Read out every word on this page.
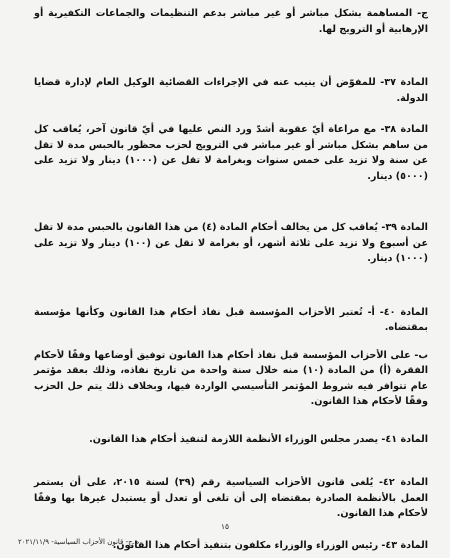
ج- المساهمة بشكل مباشر أو غير مباشر بدعم التنظيمات والجماعات التكفيرية أو الإرهابية أو الترويج لها.

المادة ٣٧- للمفوّض أن ينيب عنه في الإجراءات القضائية الوكيل العام لإدارة قضايا الدولة.

المادة ٣٨- مع مراعاة أيّ عقوبة أشدّ ورد النص عليها في أيّ قانون آخر، يُعاقب كل من ساهم بشكل مباشر أو غير مباشر في الترويج لحزب محظور بالحبس مدة لا تقل عن سنة ولا تزيد على خمس سنوات وبغرامة لا تقل عن (١٠٠٠) دينار ولا تزيد على (٥٠٠٠) دينار.

المادة ٣٩- يُعاقب كل من يخالف أحكام المادة (٤) من هذا القانون بالحبس مدة لا تقل عن أسبوع ولا تزيد على ثلاثة أشهر، أو بغرامة لا تقل عن (١٠٠) دينار ولا تزيد على (١٠٠٠) دينار.

المادة ٤٠- أ- تُعتبر الأحزاب المؤسسة قبل نفاذ أحكام هذا القانون وكأنها مؤسسة بمقتضاه.

ب- على الأحزاب المؤسسة قبل نفاذ أحكام هذا القانون توفيق أوضاعها وفقًا لأحكام الفقرة (أ) من المادة (١٠) منه خلال سنة واحدة من تاريخ نفاذه، وذلك بعقد مؤتمر عام تتوافر فيه شروط المؤتمر التأسيسي الواردة فيها، وبخلاف ذلك يتم حل الحزب وفقًا لأحكام هذا القانون.

المادة ٤١- يصدر مجلس الوزراء الأنظمة اللازمة لتنفيذ أحكام هذا القانون.

المادة ٤٢- يُلغى قانون الأحزاب السياسية رقم (٣٩) لسنة ٢٠١٥، على أن يستمر العمل بالأنظمة الصادرة بمقتضاه إلى أن تلغى أو تعدل أو يستبدل غيرها بها وفقًا لأحكام هذا القانون.

المادة ٤٣- رئيس الوزراء والوزراء مكلفون بتنفيذ أحكام هذا القانون.

١٥
م.ج- قانون الأحزاب السياسية- ٢٠٢١/١١/٩
